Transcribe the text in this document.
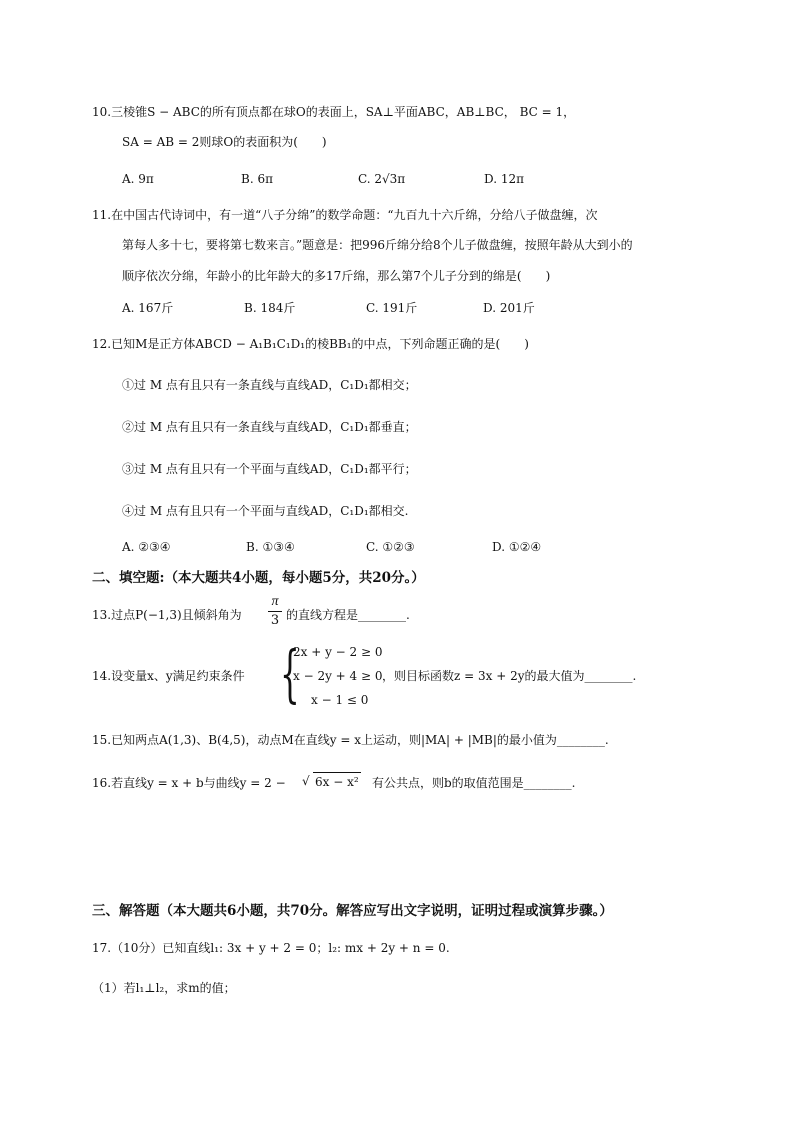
10.三棱锥S − ABC的所有顶点都在球O的表面上，SA⊥平面ABC，AB⊥BC， BC = 1，
SA = AB = 2则球O的表面积为(　　)
A. 9π	B. 6π	C. 2√3π	D. 12π
11.在中国古代诗词中，有一道“八子分绵”的数学命题：“九百九十六斤绵，分给八子做盘缠，次
第每人多十七，要将第七数来言。”题意是：把996斤绵分给8个儿子做盘缠，按照年龄从大到小的
顺序依次分绵，年龄小的比年龄大的多17斤绵，那么第7个儿子分到的绵是(　　)
A. 167斤	B. 184斤	C. 191斤	D. 201斤
12.已知M是正方体ABCD − A₁B₁C₁D₁的棱BB₁的中点，下列命题正确的是(　　)
①过 M 点有且只有一条直线与直线AD，C₁D₁都相交；
②过 M 点有且只有一条直线与直线AD，C₁D₁都垂直；
③过 M 点有且只有一个平面与直线AD，C₁D₁都平行；
④过 M 点有且只有一个平面与直线AD，C₁D₁都相交.
A. ②③④	B. ①③④	C. ①②③	D. ①②④
二、填空题:（本大题共4小题，每小题5分，共20分。）
13.过点P(−1,3)且倾斜角为
π
3 的直线方程是________.
14.设变量x、y满足约束条件 {
2x + y − 2 ≥ 0
x − 2y + 4 ≥ 0
x − 1 ≤ 0
，则目标函数z = 3x + 2y的最大值为________.
15.已知两点A(1,3)、B(4,5)，动点M在直线y = x上运动，则|MA| + |MB|的最小值为________.
16.若直线y = x + b与曲线y = 2 − √ 6x − x² 有公共点，则b的取值范围是________.
三、解答题（本大题共6小题，共70分。解答应写出文字说明，证明过程或演算步骤。）
17.（10分）已知直线l₁: 3x + y + 2 = 0；l₂: mx + 2y + n = 0.
（1）若l₁⊥l₂，求m的值；
